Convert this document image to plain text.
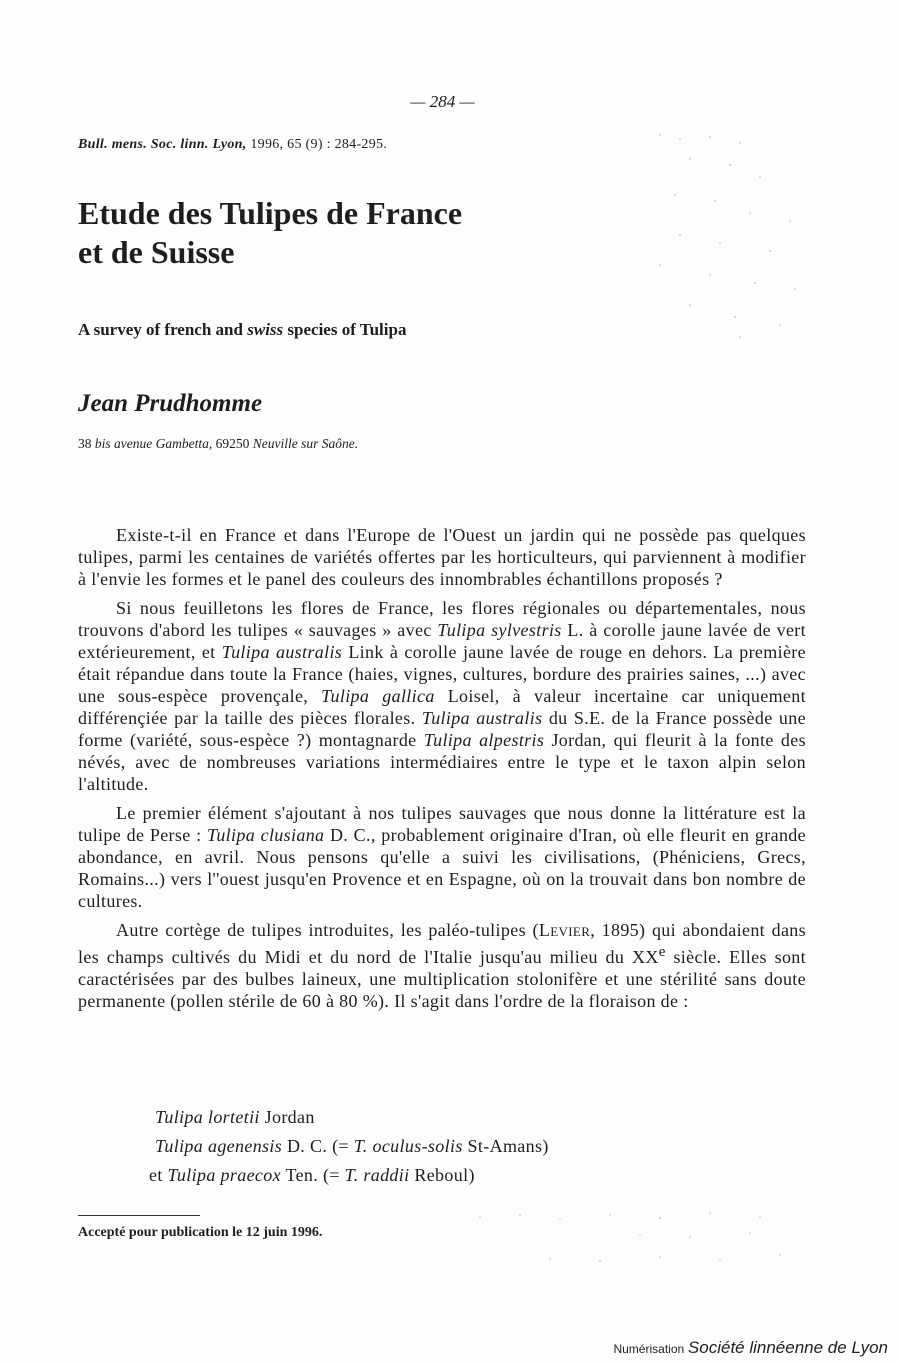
— 284 —
Bull. mens. Soc. linn. Lyon, 1996, 65 (9) : 284-295.
Etude des Tulipes de France
et de Suisse
A survey of french and swiss species of Tulipa
Jean Prudhomme
38 bis avenue Gambetta, 69250 Neuville sur Saône.

Existe-t-il en France et dans l'Europe de l'Ouest un jardin qui ne possède pas quelques tulipes, parmi les centaines de variétés offertes par les horticulteurs, qui parviennent à modifier à l'envie les formes et le panel des couleurs des innombrables échantillons proposés ?

Si nous feuilletons les flores de France, les flores régionales ou départementales, nous trouvons d'abord les tulipes « sauvages » avec Tulipa sylvestris L. à corolle jaune lavée de vert extérieurement, et Tulipa australis Link à corolle jaune lavée de rouge en dehors. La première était répandue dans toute la France (haies, vignes, cultures, bordure des prairies saines, ...) avec une sous-espèce provençale, Tulipa gallica Loisel, à valeur incertaine car uniquement différençiée par la taille des pièces florales. Tulipa australis du S.E. de la France possède une forme (variété, sous-espèce ?) montagnarde Tulipa alpestris Jordan, qui fleurit à la fonte des névés, avec de nombreuses variations intermédiaires entre le type et le taxon alpin selon l'altitude.

Le premier élément s'ajoutant à nos tulipes sauvages que nous donne la littérature est la tulipe de Perse : Tulipa clusiana D. C., probablement originaire d'Iran, où elle fleurit en grande abondance, en avril. Nous pensons qu'elle a suivi les civilisations, (Phéniciens, Grecs, Romains...) vers l''ouest jusqu'en Provence et en Espagne, où on la trouvait dans bon nombre de cultures.

Autre cortège de tulipes introduites, les paléo-tulipes (Levier, 1895) qui abondaient dans les champs cultivés du Midi et du nord de l'Italie jusqu'au milieu du XXe siècle. Elles sont caractérisées par des bulbes laineux, une multiplication stolonifère et une stérilité sans doute permanente (pollen stérile de 60 à 80 %). Il s'agit dans l'ordre de la floraison de :

Tulipa lortetii Jordan
Tulipa agenensis D. C. (= T. oculus-solis St-Amans)
et Tulipa praecox Ten. (= T. raddii Reboul)
Accepté pour publication le 12 juin 1996.
Numérisation Société linnéenne de Lyon
